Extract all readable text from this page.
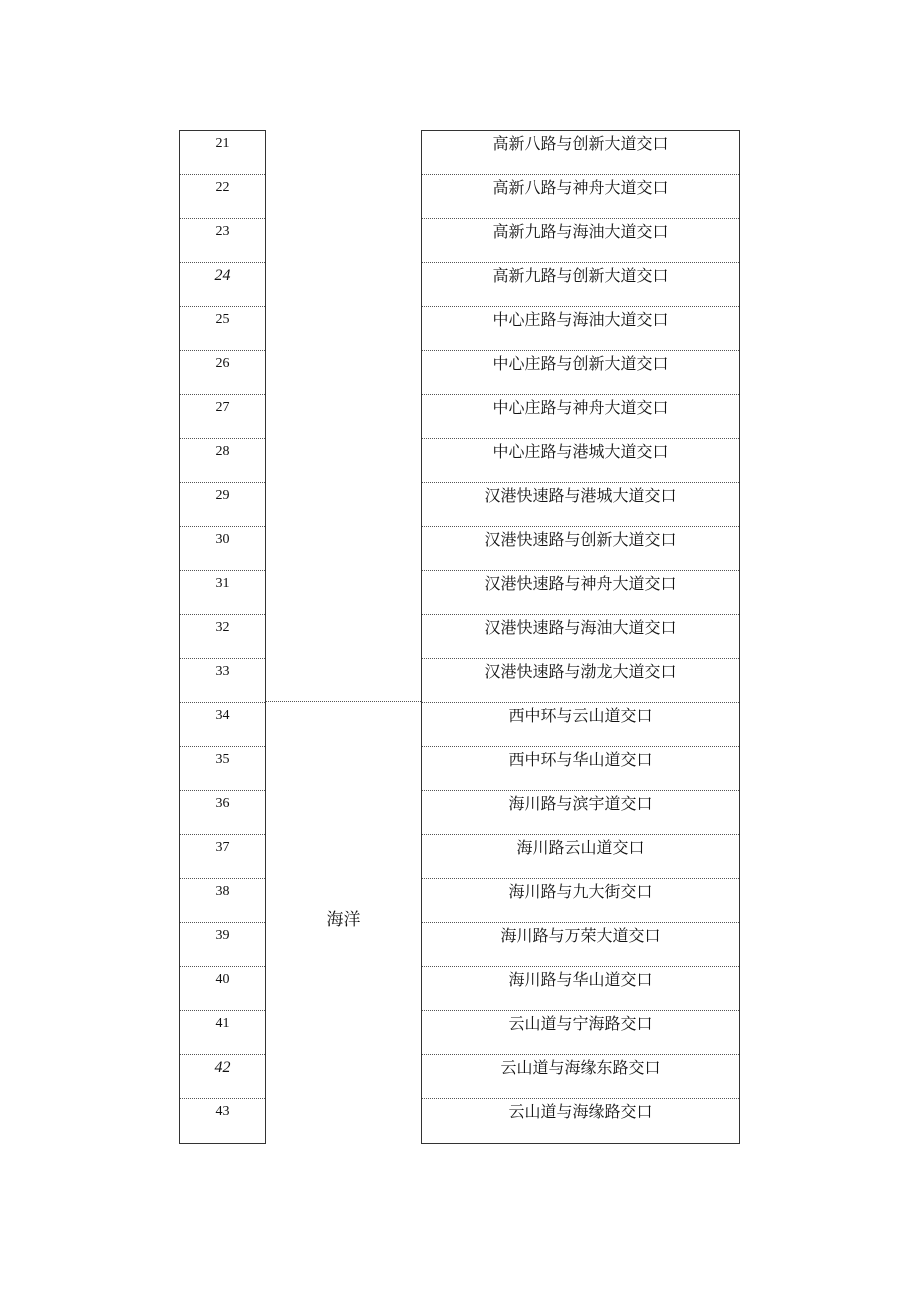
21
22
23
24
25
26
27
28
29
30
31
32
33
34
35
36
37
38
39
40
41
42
43
海洋
高新八路与创新大道交口
高新八路与神舟大道交口
高新九路与海油大道交口
高新九路与创新大道交口
中心庄路与海油大道交口
中心庄路与创新大道交口
中心庄路与神舟大道交口
中心庄路与港城大道交口
汉港快速路与港城大道交口
汉港快速路与创新大道交口
汉港快速路与神舟大道交口
汉港快速路与海油大道交口
汉港快速路与渤龙大道交口
西中环与云山道交口
西中环与华山道交口
海川路与滨宇道交口
海川路云山道交口
海川路与九大街交口
海川路与万荣大道交口
海川路与华山道交口
云山道与宁海路交口
云山道与海缘东路交口
云山道与海缘路交口
